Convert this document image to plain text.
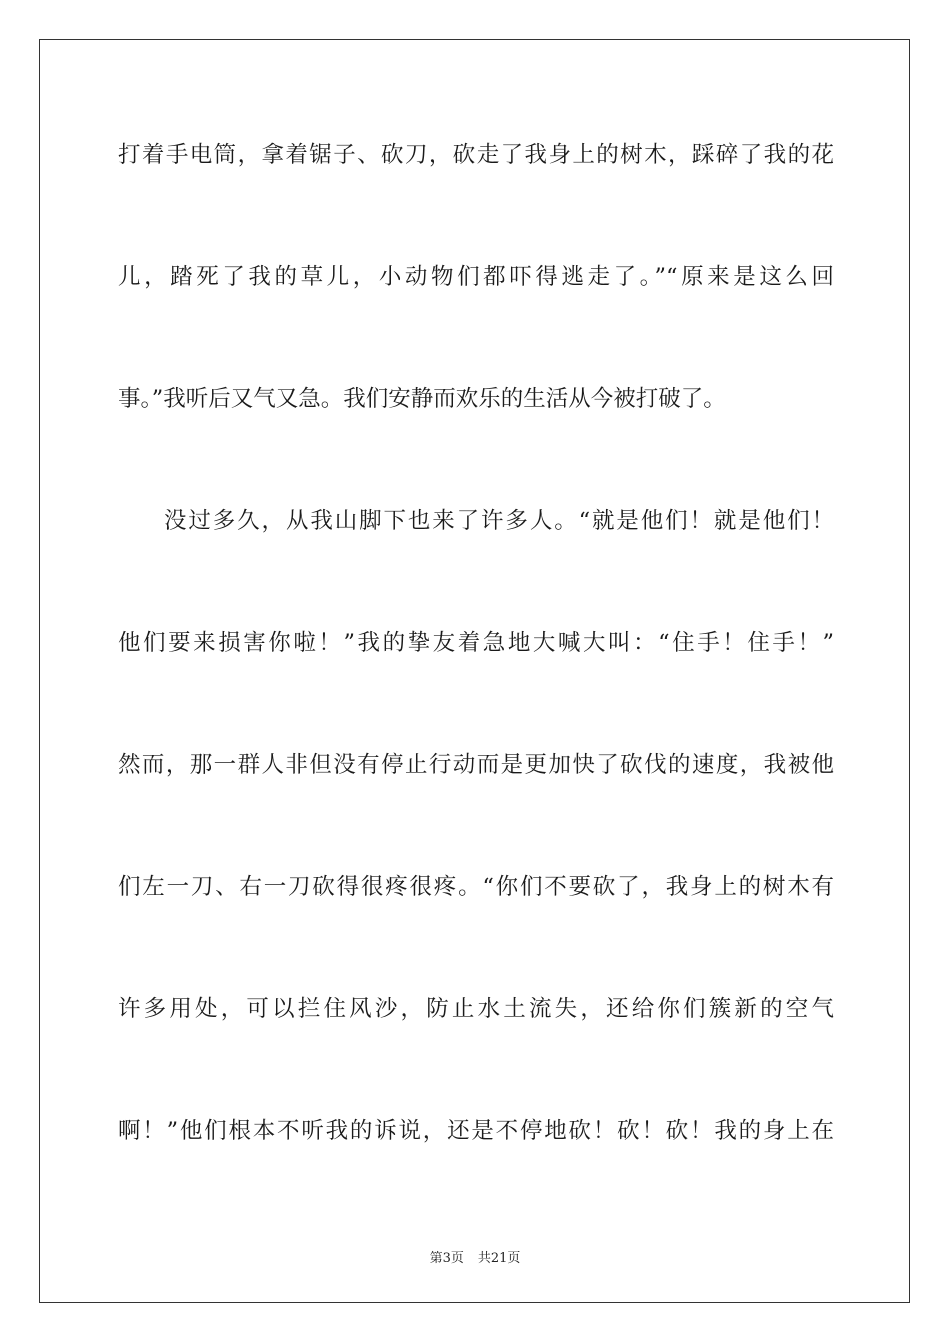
打着手电筒，拿着锯子、砍刀，砍走了我身上的树木，踩碎了我的花
儿，踏死了我的草儿，小动物们都吓得逃走了。”“原来是这么回
事。”我听后又气又急。我们安静而欢乐的生活从今被打破了。
没过多久，从我山脚下也来了许多人。“就是他们！就是他们！
他们要来损害你啦！”我的挚友着急地大喊大叫：“住手！住手！”
然而，那一群人非但没有停止行动而是更加快了砍伐的速度，我被他
们左一刀、右一刀砍得很疼很疼。“你们不要砍了，我身上的树木有
许多用处，可以拦住风沙，防止水土流失，还给你们簇新的空气
啊！”他们根本不听我的诉说，还是不停地砍！砍！砍！我的身上在
第3页 共21页
